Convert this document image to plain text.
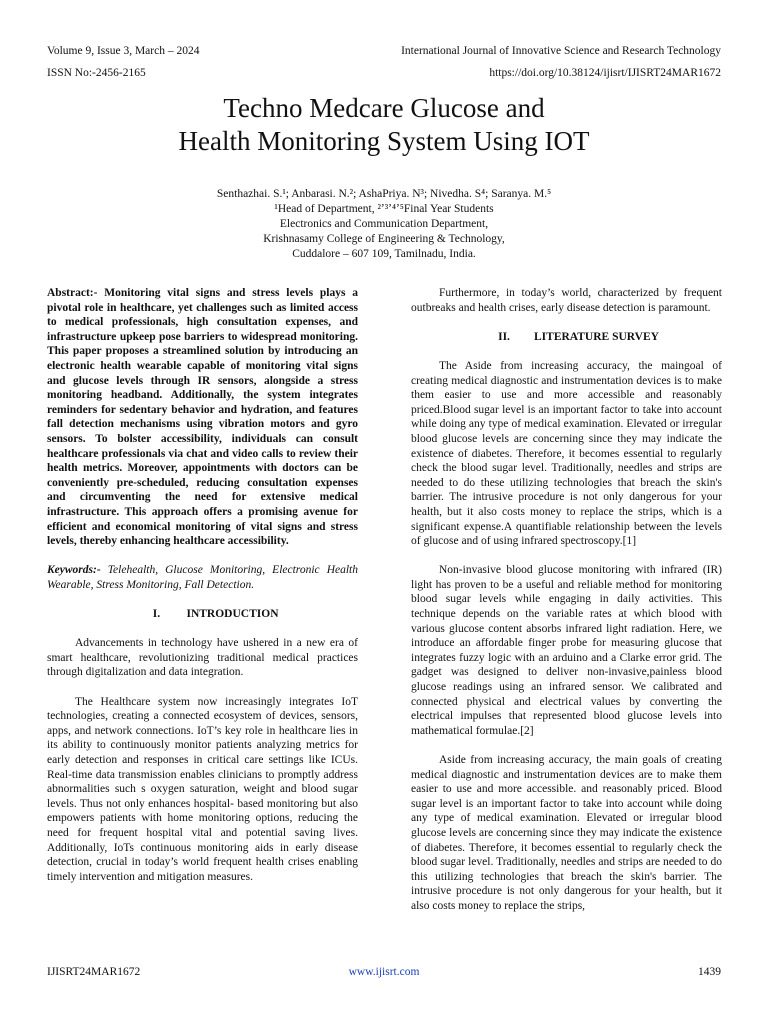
Volume 9, Issue 3, March – 2024	International Journal of Innovative Science and Research Technology
ISSN No:-2456-2165	https://doi.org/10.38124/ijisrt/IJISRT24MAR1672
Techno Medcare Glucose and
Health Monitoring System Using IOT
Senthazhai. S.¹; Anbarasi. N.²; AshaPriya. N³; Nivedha. S⁴; Saranya. M.⁵
¹Head of Department, ²ʼ³ʼ⁴ʼ⁵Final Year Students
Electronics and Communication Department,
Krishnasamy College of Engineering & Technology,
Cuddalore – 607 109, Tamilnadu, India.

Abstract:- Monitoring vital signs and stress levels plays a pivotal role in healthcare, yet challenges such as limited access to medical professionals, high consultation expenses, and infrastructure upkeep pose barriers to widespread monitoring. This paper proposes a streamlined solution by introducing an electronic health wearable capable of monitoring vital signs and glucose levels through IR sensors, alongside a stress monitoring headband. Additionally, the system integrates reminders for sedentary behavior and hydration, and features fall detection mechanisms using vibration motors and gyro sensors. To bolster accessibility, individuals can consult healthcare professionals via chat and video calls to review their health metrics. Moreover, appointments with doctors can be conveniently pre-scheduled, reducing consultation expenses and circumventing the need for extensive medical infrastructure. This approach offers a promising avenue for efficient and economical monitoring of vital signs and stress levels, thereby enhancing healthcare accessibility.

Keywords:- Telehealth, Glucose Monitoring, Electronic Health Wearable, Stress Monitoring, Fall Detection.

I.	INTRODUCTION

Advancements in technology have ushered in a new era of smart healthcare, revolutionizing traditional medical practices through digitalization and data integration.

The Healthcare system now increasingly integrates IoT technologies, creating a connected ecosystem of devices, sensors, apps, and network connections. IoT’s key role in healthcare lies in its ability to continuously monitor patients analyzing metrics for early detection and responses in critical care settings like ICUs. Real-time data transmission enables clinicians to promptly address abnormalities such s oxygen saturation, weight and blood sugar levels. Thus not only enhances hospital- based monitoring but also empowers patients with home monitoring options, reducing the need for frequent hospital vital and potential saving lives. Additionally, IoTs continuous monitoring aids in early disease detection, crucial in today’s world frequent health crises enabling timely intervention and mitigation measures.

Furthermore, in today’s world, characterized by frequent outbreaks and health crises, early disease detection is paramount.

II.	LITERATURE SURVEY

The Aside from increasing accuracy, the maingoal of creating medical diagnostic and instrumentation devices is to make them easier to use and more accessible and reasonably priced.Blood sugar level is an important factor to take into account while doing any type of medical examination. Elevated or irregular blood glucose levels are concerning since they may indicate the existence of diabetes. Therefore, it becomes essential to regularly check the blood sugar level. Traditionally, needles and strips are needed to do these utilizing technologies that breach the skin's barrier. The intrusive procedure is not only dangerous for your health, but it also costs money to replace the strips, which is a significant expense.A quantifiable relationship between the levels of glucose and of using infrared spectroscopy.[1]

Non-invasive blood glucose monitoring with infrared (IR) light has proven to be a useful and reliable method for monitoring blood sugar levels while engaging in daily activities. This technique depends on the variable rates at which blood with various glucose content absorbs infrared light radiation. Here, we introduce an affordable finger probe for measuring glucose that integrates fuzzy logic with an arduino and a Clarke error grid. The gadget was designed to deliver non-invasive,painless blood glucose readings using an infrared sensor. We calibrated and connected physical and electrical values by converting the electrical impulses that represented blood glucose levels into mathematical formulae.[2]

Aside from increasing accuracy, the main goals of creating medical diagnostic and instrumentation devices are to make them easier to use and more accessible. and reasonably priced. Blood sugar level is an important factor to take into account while doing any type of medical examination. Elevated or irregular blood glucose levels are concerning since they may indicate the existence of diabetes. Therefore, it becomes essential to regularly check the blood sugar level. Traditionally, needles and strips are needed to do this utilizing technologies that breach the skin's barrier. The intrusive procedure is not only dangerous for your health, but it also costs money to replace the strips,

IJISRT24MAR1672	www.ijisrt.com	1439
